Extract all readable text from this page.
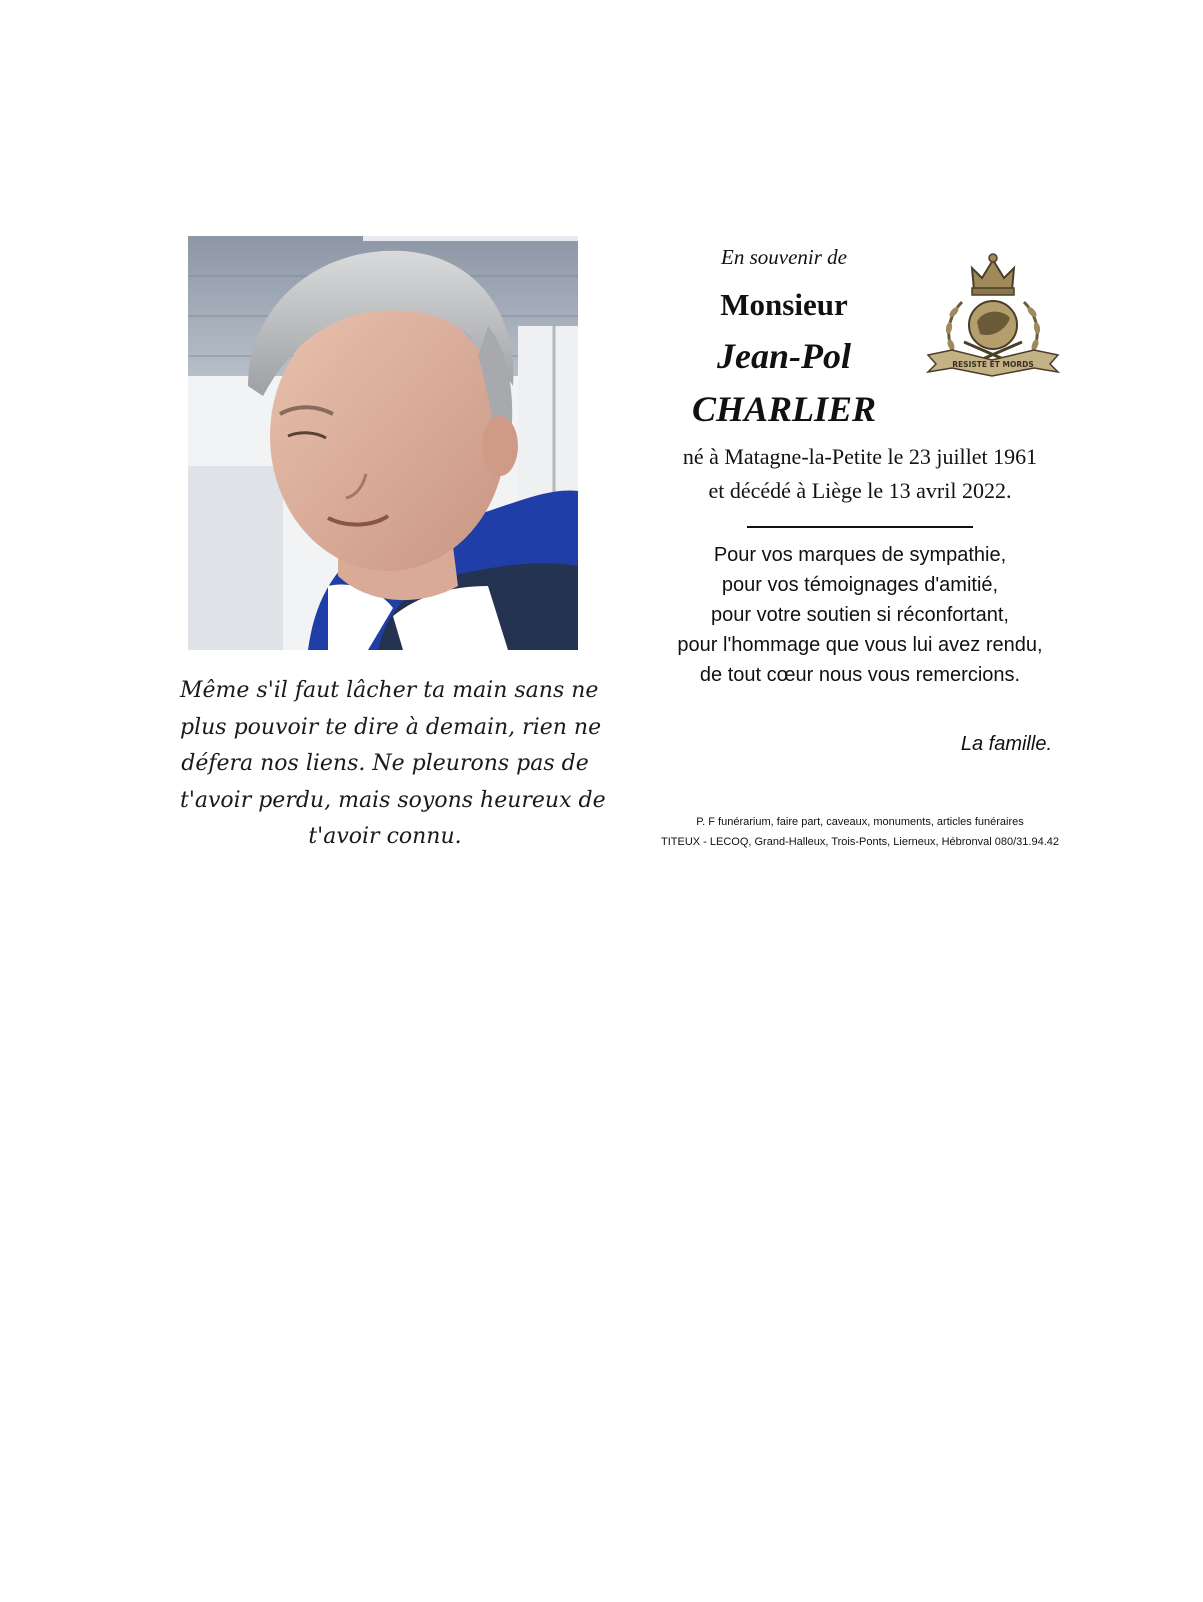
Même s'il faut lâcher ta main sans ne
plus pouvoir te dire à demain, rien ne
défera nos liens. Ne pleurons pas de
t'avoir perdu, mais soyons heureux de
t'avoir connu.
En souvenir de
Monsieur
Jean-Pol
CHARLIER
RESISTE ET MORDS
né à Matagne-la-Petite le 23 juillet 1961
et décédé à Liège le 13 avril 2022.
Pour vos marques de sympathie,
pour vos témoignages d'amitié,
pour votre soutien si réconfortant,
pour l'hommage que vous lui avez rendu,
de tout cœur nous vous remercions.
La famille.
P. F funérarium, faire part, caveaux, monuments, articles funéraires
TITEUX - LECOQ, Grand-Halleux, Trois-Ponts, Lierneux, Hébronval 080/31.94.42
